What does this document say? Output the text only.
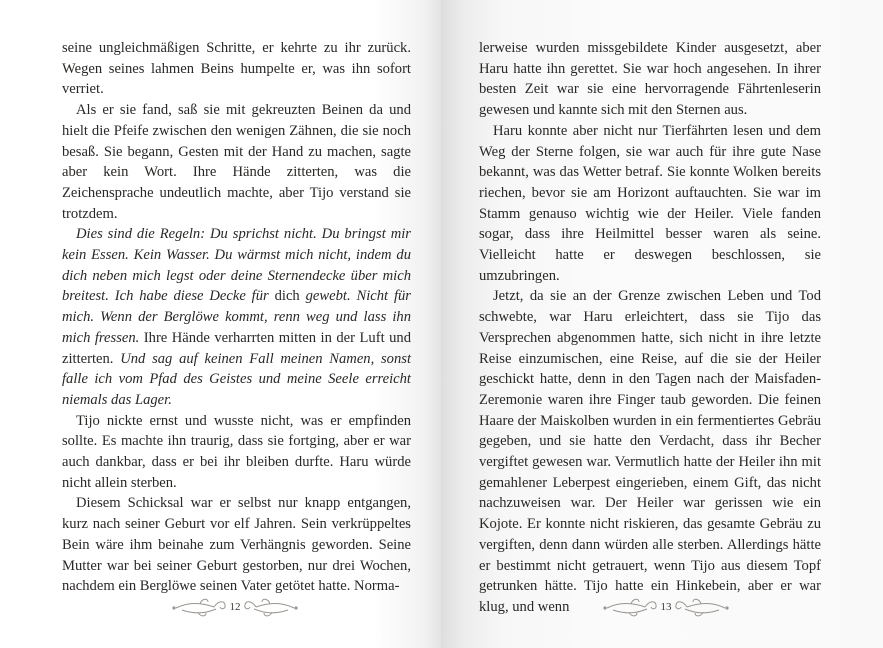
seine ungleichmäßigen Schritte, er kehrte zu ihr zurück. Wegen seines lahmen Beins humpelte er, was ihn sofort verriet.

Als er sie fand, saß sie mit gekreuzten Beinen da und hielt die Pfeife zwischen den wenigen Zähnen, die sie noch besaß. Sie begann, Gesten mit der Hand zu machen, sagte aber kein Wort. Ihre Hände zitterten, was die Zeichensprache undeutlich machte, aber Tijo verstand sie trotzdem.

Dies sind die Regeln: Du sprichst nicht. Du bringst mir kein Essen. Kein Wasser. Du wärmst mich nicht, indem du dich neben mich legst oder deine Sternendecke über mich breitest. Ich habe diese Decke für dich gewebt. Nicht für mich. Wenn der Berglöwe kommt, renn weg und lass ihn mich fressen. Ihre Hände verharrten mitten in der Luft und zitterten. Und sag auf keinen Fall meinen Namen, sonst falle ich vom Pfad des Geistes und meine Seele erreicht niemals das Lager.

Tijo nickte ernst und wusste nicht, was er empfinden sollte. Es machte ihn traurig, dass sie fortging, aber er war auch dankbar, dass er bei ihr bleiben durfte. Haru würde nicht allein sterben.

Diesem Schicksal war er selbst nur knapp entgangen, kurz nach seiner Geburt vor elf Jahren. Sein verkrüppeltes Bein wäre ihm beinahe zum Verhängnis geworden. Seine Mutter war bei seiner Geburt gestorben, nur drei Wochen, nachdem ein Berglöwe seinen Vater getötet hatte. Norma-

12

lerweise wurden missgebildete Kinder ausgesetzt, aber Haru hatte ihn gerettet. Sie war hoch angesehen. In ihrer besten Zeit war sie eine hervorragende Fährtenleserin gewesen und kannte sich mit den Sternen aus.

Haru konnte aber nicht nur Tierfährten lesen und dem Weg der Sterne folgen, sie war auch für ihre gute Nase bekannt, was das Wetter betraf. Sie konnte Wolken bereits riechen, bevor sie am Horizont auftauchten. Sie war im Stamm genauso wichtig wie der Heiler. Viele fanden sogar, dass ihre Heilmittel besser waren als seine. Vielleicht hatte er deswegen beschlossen, sie umzubringen.

Jetzt, da sie an der Grenze zwischen Leben und Tod schwebte, war Haru erleichtert, dass sie Tijo das Versprechen abgenommen hatte, sich nicht in ihre letzte Reise einzumischen, eine Reise, auf die sie der Heiler geschickt hatte, denn in den Tagen nach der Maisfaden-Zeremonie waren ihre Finger taub geworden. Die feinen Haare der Maiskolben wurden in ein fermentiertes Gebräu gegeben, und sie hatte den Verdacht, dass ihr Becher vergiftet gewesen war. Vermutlich hatte der Heiler ihn mit gemahlener Leberpest eingerieben, einem Gift, das nicht nachzuweisen war. Der Heiler war gerissen wie ein Kojote. Er konnte nicht riskieren, das gesamte Gebräu zu vergiften, denn dann würden alle sterben. Allerdings hätte er bestimmt nicht getrauert, wenn Tijo aus diesem Topf getrunken hätte. Tijo hatte ein Hinkebein, aber er war klug, und wenn	13
